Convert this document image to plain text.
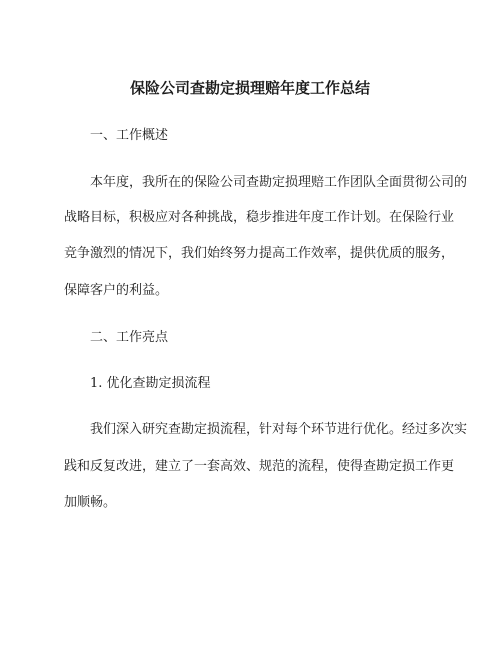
保险公司查勘定损理赔年度工作总结

一、工作概述

本年度，我所在的保险公司查勘定损理赔工作团队全面贯彻公司的

战略目标，积极应对各种挑战，稳步推进年度工作计划。在保险行业

竞争激烈的情况下，我们始终努力提高工作效率，提供优质的服务，

保障客户的利益。

二、工作亮点

1. 优化查勘定损流程

我们深入研究查勘定损流程，针对每个环节进行优化。经过多次实

践和反复改进，建立了一套高效、规范的流程，使得查勘定损工作更

加顺畅。
